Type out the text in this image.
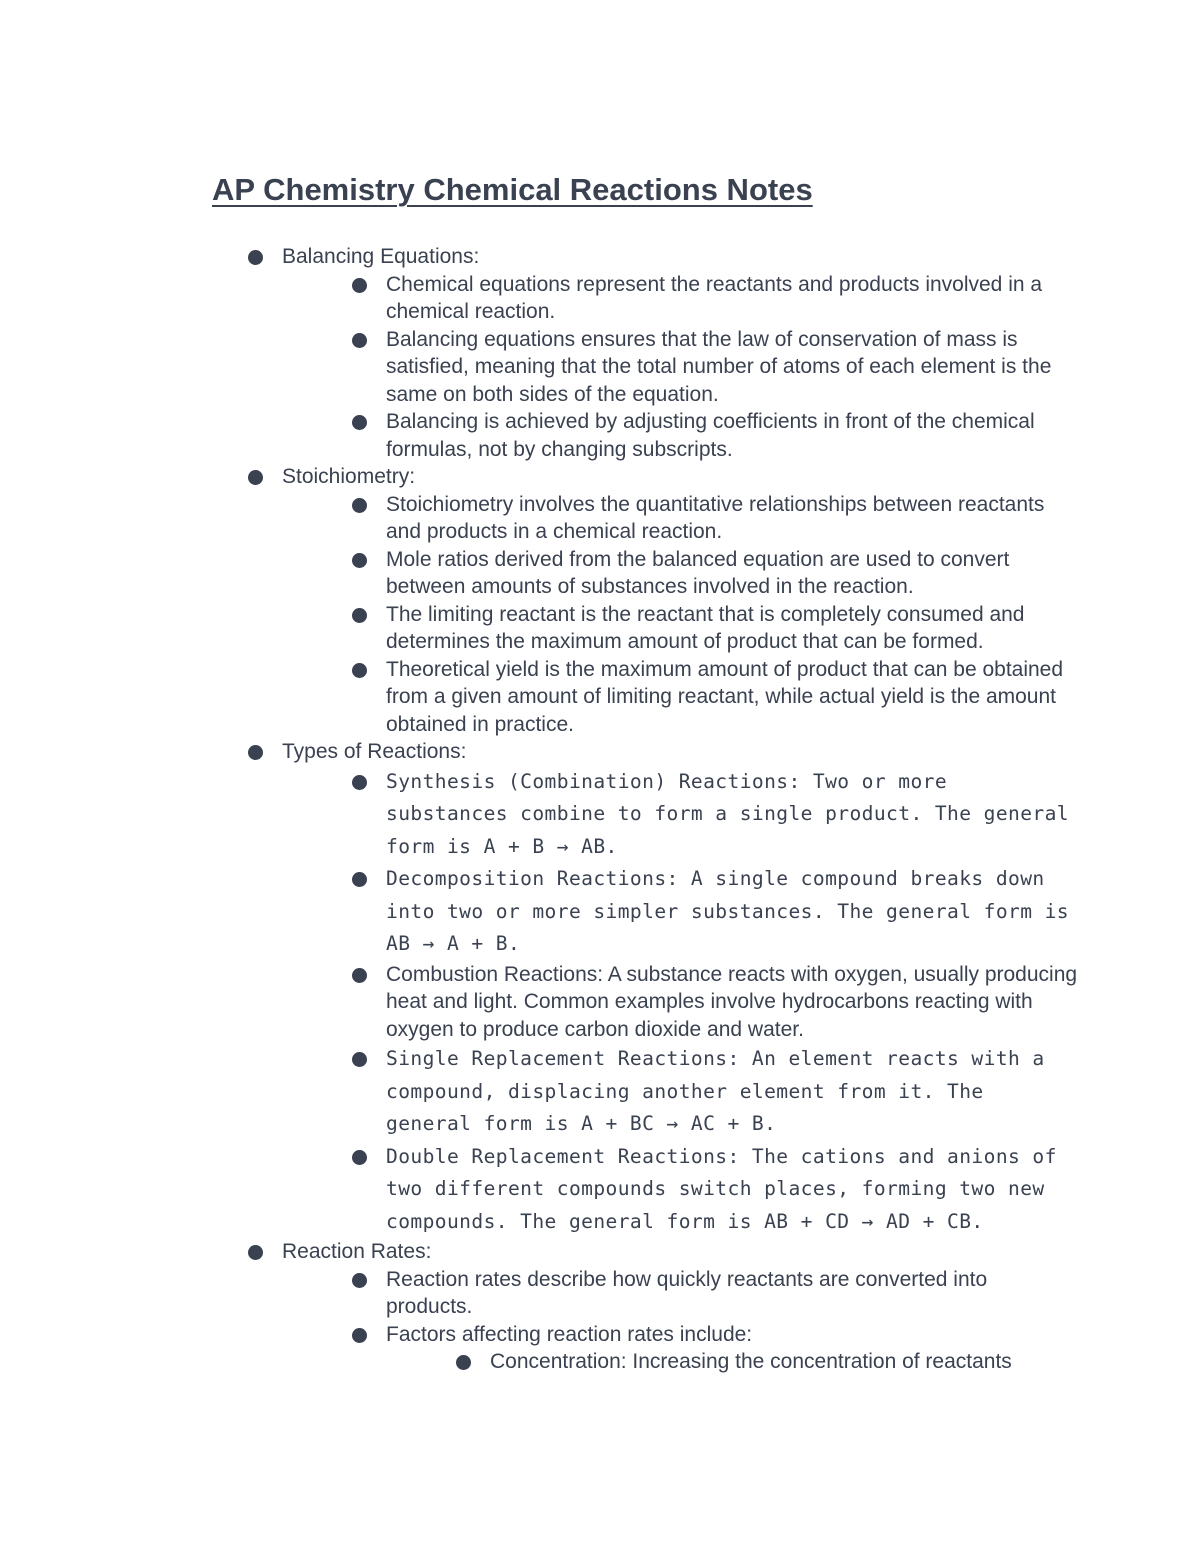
AP Chemistry Chemical Reactions Notes
Balancing Equations:
Chemical equations represent the reactants and products involved in a chemical reaction.
Balancing equations ensures that the law of conservation of mass is satisfied, meaning that the total number of atoms of each element is the same on both sides of the equation.
Balancing is achieved by adjusting coefficients in front of the chemical formulas, not by changing subscripts.
Stoichiometry:
Stoichiometry involves the quantitative relationships between reactants and products in a chemical reaction.
Mole ratios derived from the balanced equation are used to convert between amounts of substances involved in the reaction.
The limiting reactant is the reactant that is completely consumed and determines the maximum amount of product that can be formed.
Theoretical yield is the maximum amount of product that can be obtained from a given amount of limiting reactant, while actual yield is the amount obtained in practice.
Types of Reactions:
Synthesis (Combination) Reactions: Two or more substances combine to form a single product. The general form is A + B → AB.
Decomposition Reactions: A single compound breaks down into two or more simpler substances. The general form is AB → A + B.
Combustion Reactions: A substance reacts with oxygen, usually producing heat and light. Common examples involve hydrocarbons reacting with oxygen to produce carbon dioxide and water.
Single Replacement Reactions: An element reacts with a compound, displacing another element from it. The general form is A + BC → AC + B.
Double Replacement Reactions: The cations and anions of two different compounds switch places, forming two new compounds. The general form is AB + CD → AD + CB.
Reaction Rates:
Reaction rates describe how quickly reactants are converted into products.
Factors affecting reaction rates include:
Concentration: Increasing the concentration of reactants
